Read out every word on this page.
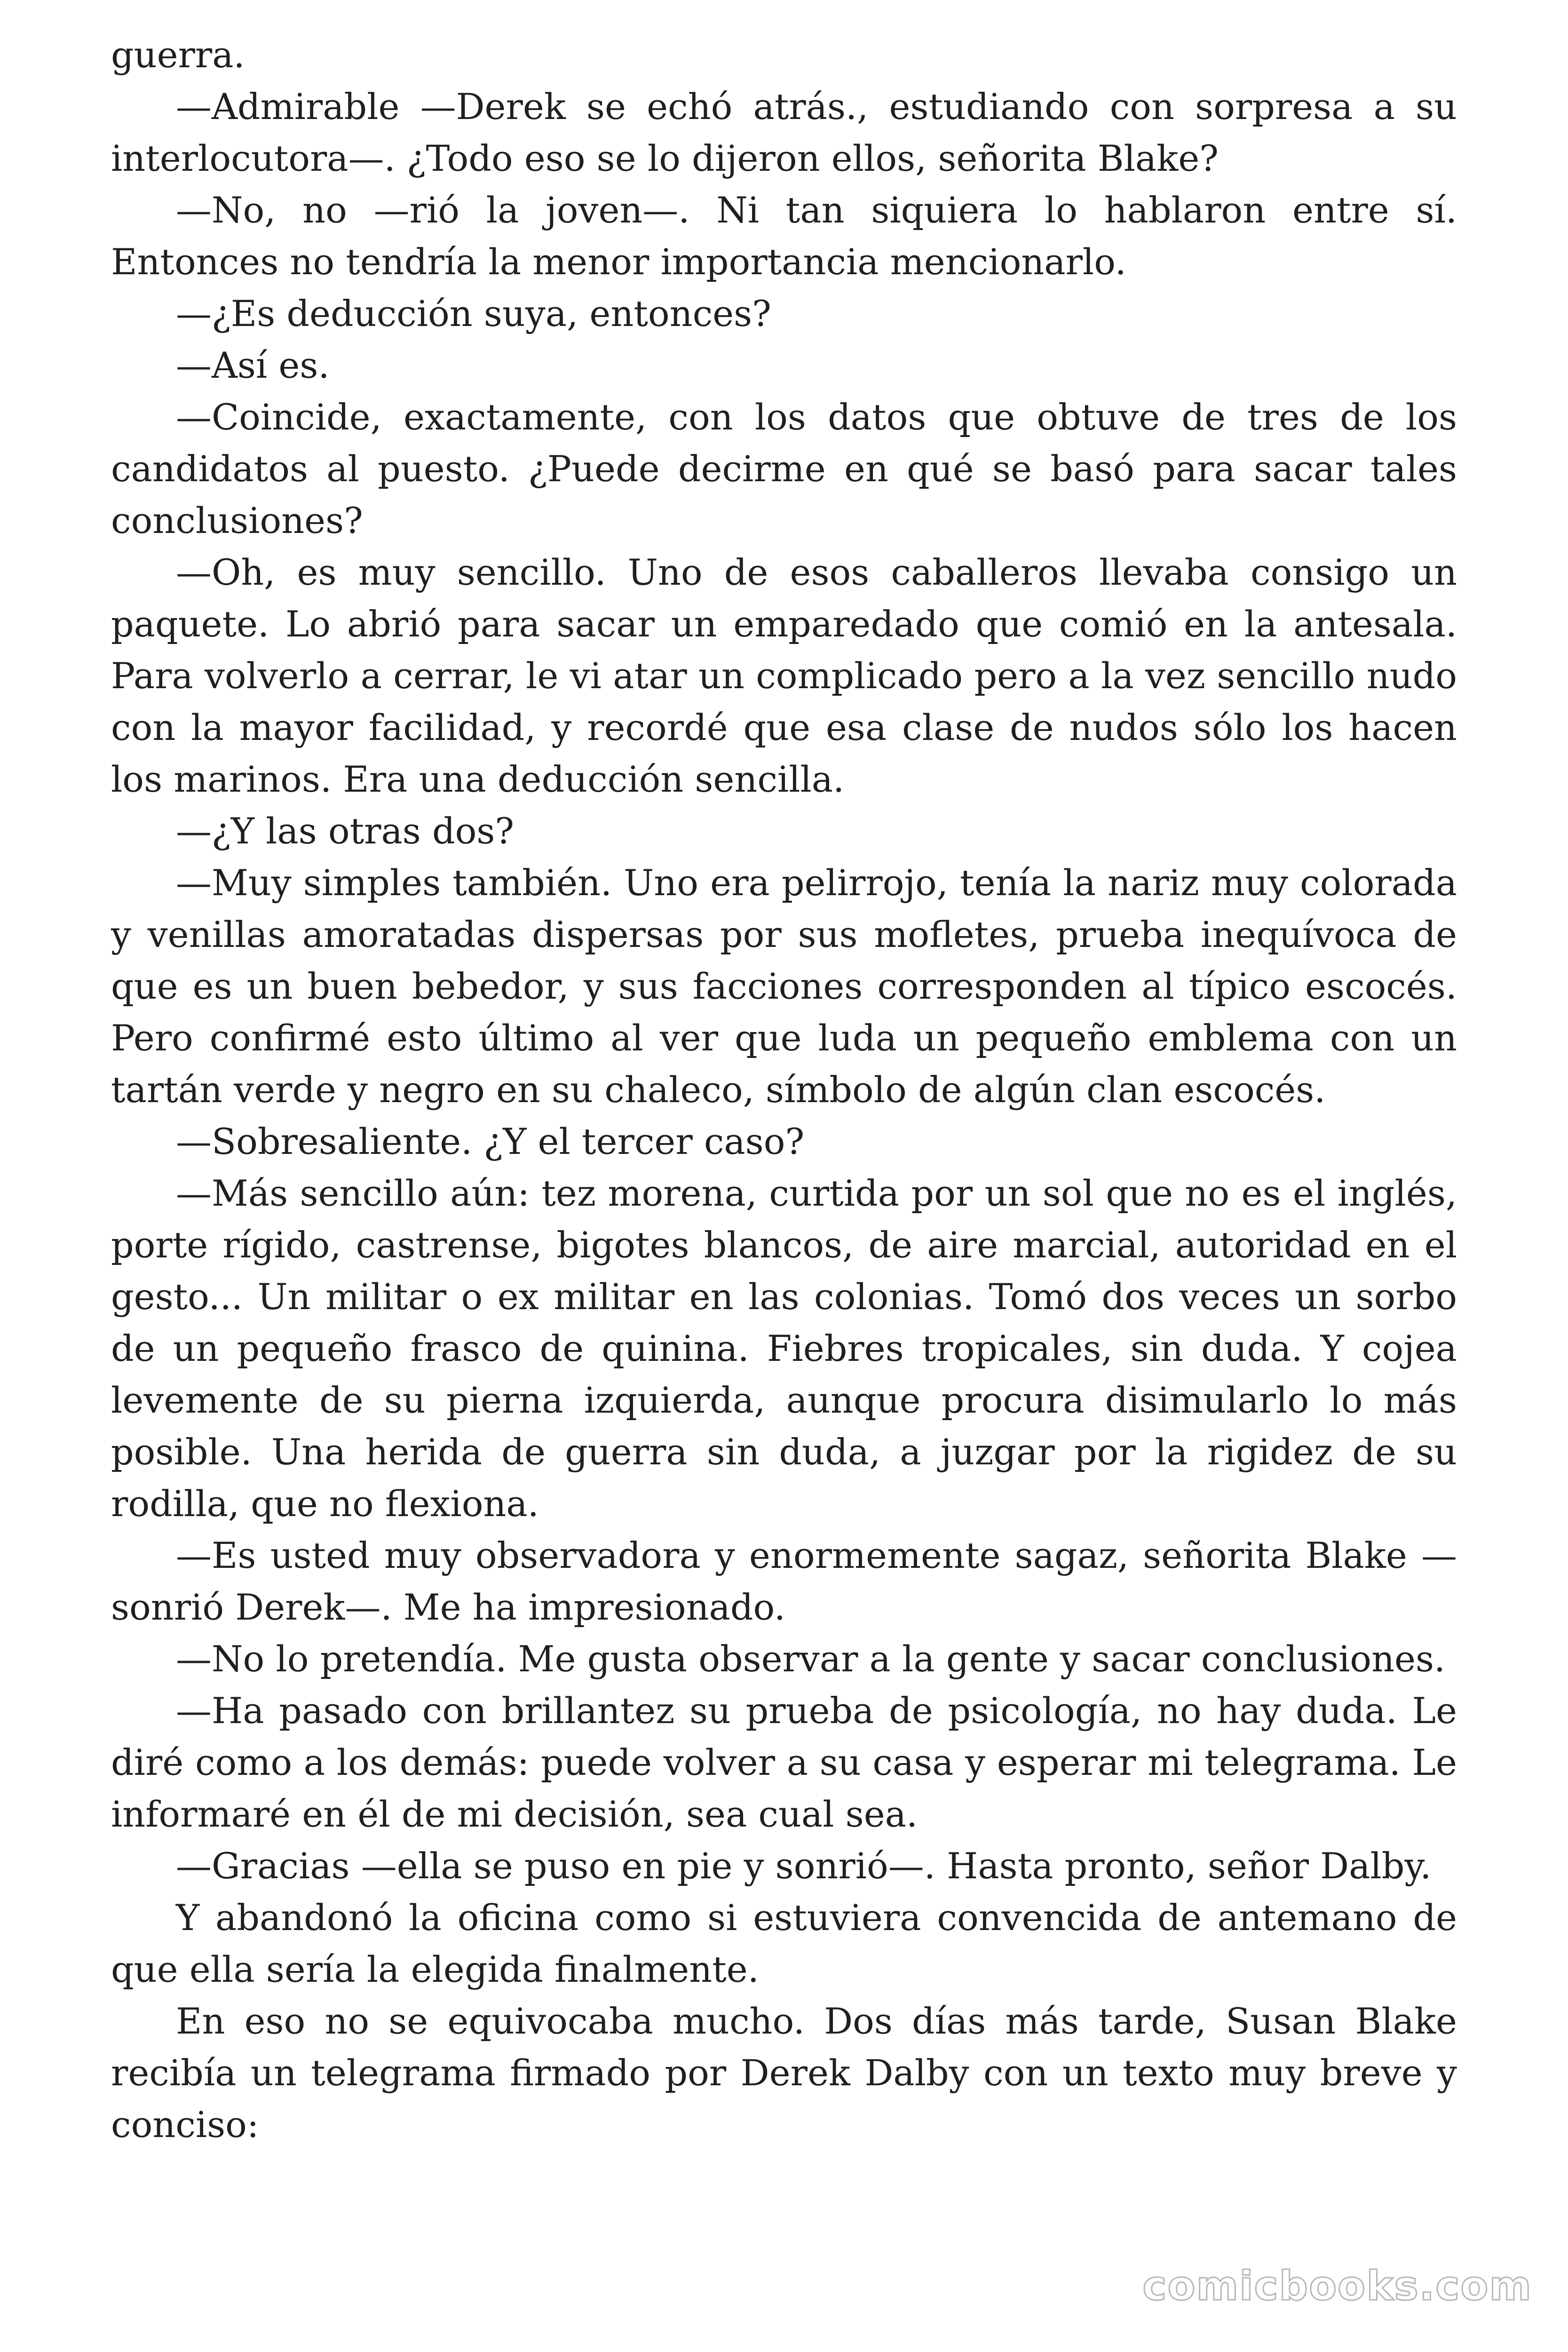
guerra.

—Admirable —Derek se echó atrás., estudiando con sorpresa a su interlocutora—. ¿Todo eso se lo dijeron ellos, señorita Blake?

—No, no —rió la joven—. Ni tan siquiera lo hablaron entre sí. Entonces no tendría la menor importancia mencionarlo.

—¿Es deducción suya, entonces?

—Así es.

—Coincide, exactamente, con los datos que obtuve de tres de los candidatos al puesto. ¿Puede decirme en qué se basó para sacar tales conclusiones?

—Oh, es muy sencillo. Uno de esos caballeros llevaba consigo un paquete. Lo abrió para sacar un emparedado que comió en la antesala. Para volverlo a cerrar, le vi atar un complicado pero a la vez sencillo nudo con la mayor facilidad, y recordé que esa clase de nudos sólo los hacen los marinos. Era una deducción sencilla.

—¿Y las otras dos?

—Muy simples también. Uno era pelirrojo, tenía la nariz muy colorada y venillas amoratadas dispersas por sus mofletes, prueba inequívoca de que es un buen bebedor, y sus facciones corresponden al típico escocés. Pero confirmé esto último al ver que luda un pequeño emblema con un tartán verde y negro en su chaleco, símbolo de algún clan escocés.

—Sobresaliente. ¿Y el tercer caso?

—Más sencillo aún: tez morena, curtida por un sol que no es el inglés, porte rígido, castrense, bigotes blancos, de aire marcial, autoridad en el gesto... Un militar o ex militar en las colonias. Tomó dos veces un sorbo de un pequeño frasco de quinina. Fiebres tropicales, sin duda. Y cojea levemente de su pierna izquierda, aunque procura disimularlo lo más posible. Una herida de guerra sin duda, a juzgar por la rigidez de su rodilla, que no flexiona.

—Es usted muy observadora y enormemente sagaz, señorita Blake —sonrió Derek—. Me ha impresionado.

—No lo pretendía. Me gusta observar a la gente y sacar conclusiones.

—Ha pasado con brillantez su prueba de psicología, no hay duda. Le diré como a los demás: puede volver a su casa y esperar mi telegrama. Le informaré en él de mi decisión, sea cual sea.

—Gracias —ella se puso en pie y sonrió—. Hasta pronto, señor Dalby.

Y abandonó la oficina como si estuviera convencida de antemano de que ella sería la elegida finalmente.

En eso no se equivocaba mucho. Dos días más tarde, Susan Blake recibía un telegrama firmado por Derek Dalby con un texto muy breve y conciso:

comicbooks.com
